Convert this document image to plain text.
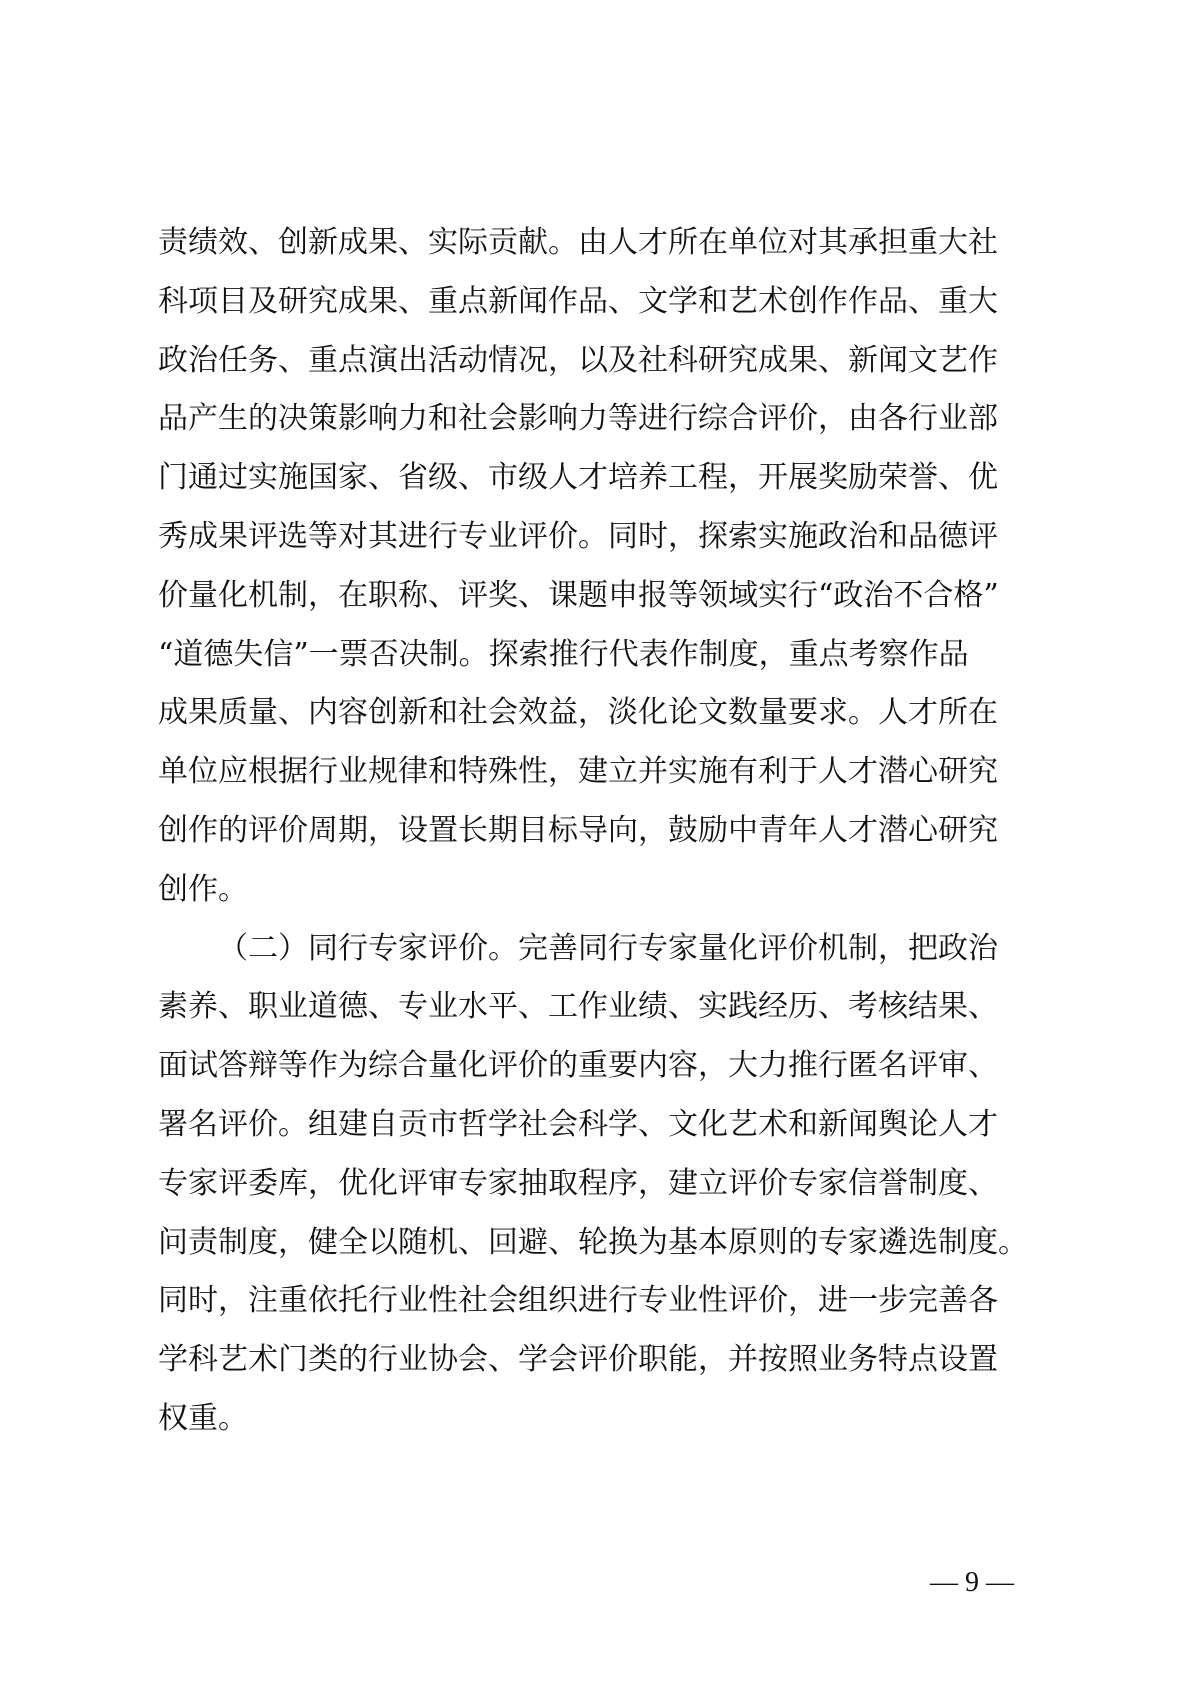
责绩效、创新成果、实际贡献。由人才所在单位对其承担重大社
科项目及研究成果、重点新闻作品、文学和艺术创作作品、重大
政治任务、重点演出活动情况，以及社科研究成果、新闻文艺作
品产生的决策影响力和社会影响力等进行综合评价，由各行业部
门通过实施国家、省级、市级人才培养工程，开展奖励荣誉、优
秀成果评选等对其进行专业评价。同时，探索实施政治和品德评
价量化机制，在职称、评奖、课题申报等领域实行“政治不合格”
“道德失信”一票否决制。探索推行代表作制度，重点考察作品
成果质量、内容创新和社会效益，淡化论文数量要求。人才所在
单位应根据行业规律和特殊性，建立并实施有利于人才潜心研究
创作的评价周期，设置长期目标导向，鼓励中青年人才潜心研究
创作。
（二）同行专家评价。完善同行专家量化评价机制，把政治
素养、职业道德、专业水平、工作业绩、实践经历、考核结果、
面试答辩等作为综合量化评价的重要内容，大力推行匿名评审、
署名评价。组建自贡市哲学社会科学、文化艺术和新闻舆论人才
专家评委库，优化评审专家抽取程序，建立评价专家信誉制度、
问责制度，健全以随机、回避、轮换为基本原则的专家遴选制度。
同时，注重依托行业性社会组织进行专业性评价，进一步完善各
学科艺术门类的行业协会、学会评价职能，并按照业务特点设置
权重。
— 9 —
